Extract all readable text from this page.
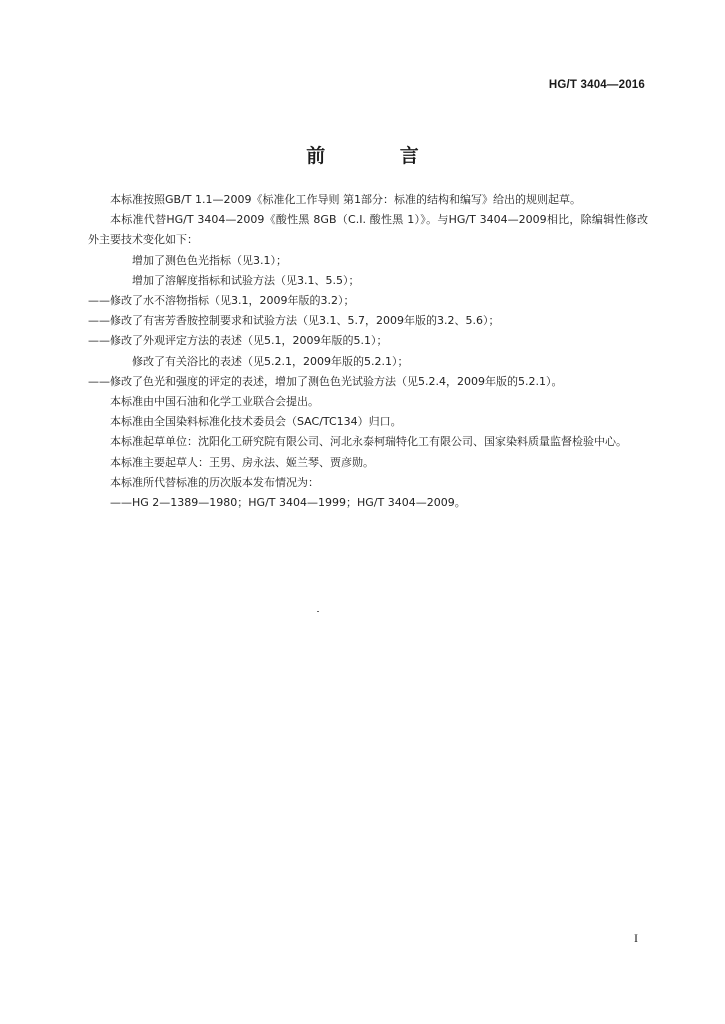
HG/T 3404—2016
前 言

本标准按照GB/T 1.1—2009《标准化工作导则 第1部分：标准的结构和编写》给出的规则起草。

本标准代替HG/T 3404—2009《酸性黑 8GB（C.I. 酸性黑 1）》。与HG/T 3404—2009相比，除编辑性修改外主要技术变化如下：

增加了测色色光指标（见3.1）；

增加了溶解度指标和试验方法（见3.1、5.5）；

——修改了水不溶物指标（见3.1，2009年版的3.2）；

——修改了有害芳香胺控制要求和试验方法（见3.1、5.7，2009年版的3.2、5.6）；

——修改了外观评定方法的表述（见5.1，2009年版的5.1）；

修改了有关浴比的表述（见5.2.1，2009年版的5.2.1）；

——修改了色光和强度的评定的表述，增加了测色色光试验方法（见5.2.4，2009年版的5.2.1）。

本标准由中国石油和化学工业联合会提出。

本标准由全国染料标准化技术委员会（SAC/TC134）归口。

本标准起草单位：沈阳化工研究院有限公司、河北永泰柯瑞特化工有限公司、国家染料质量监督检验中心。

本标准主要起草人：王男、房永法、姬兰琴、贾彦勋。

本标准所代替标准的历次版本发布情况为：

——HG 2—1389—1980；HG/T 3404—1999；HG/T 3404—2009。

I
